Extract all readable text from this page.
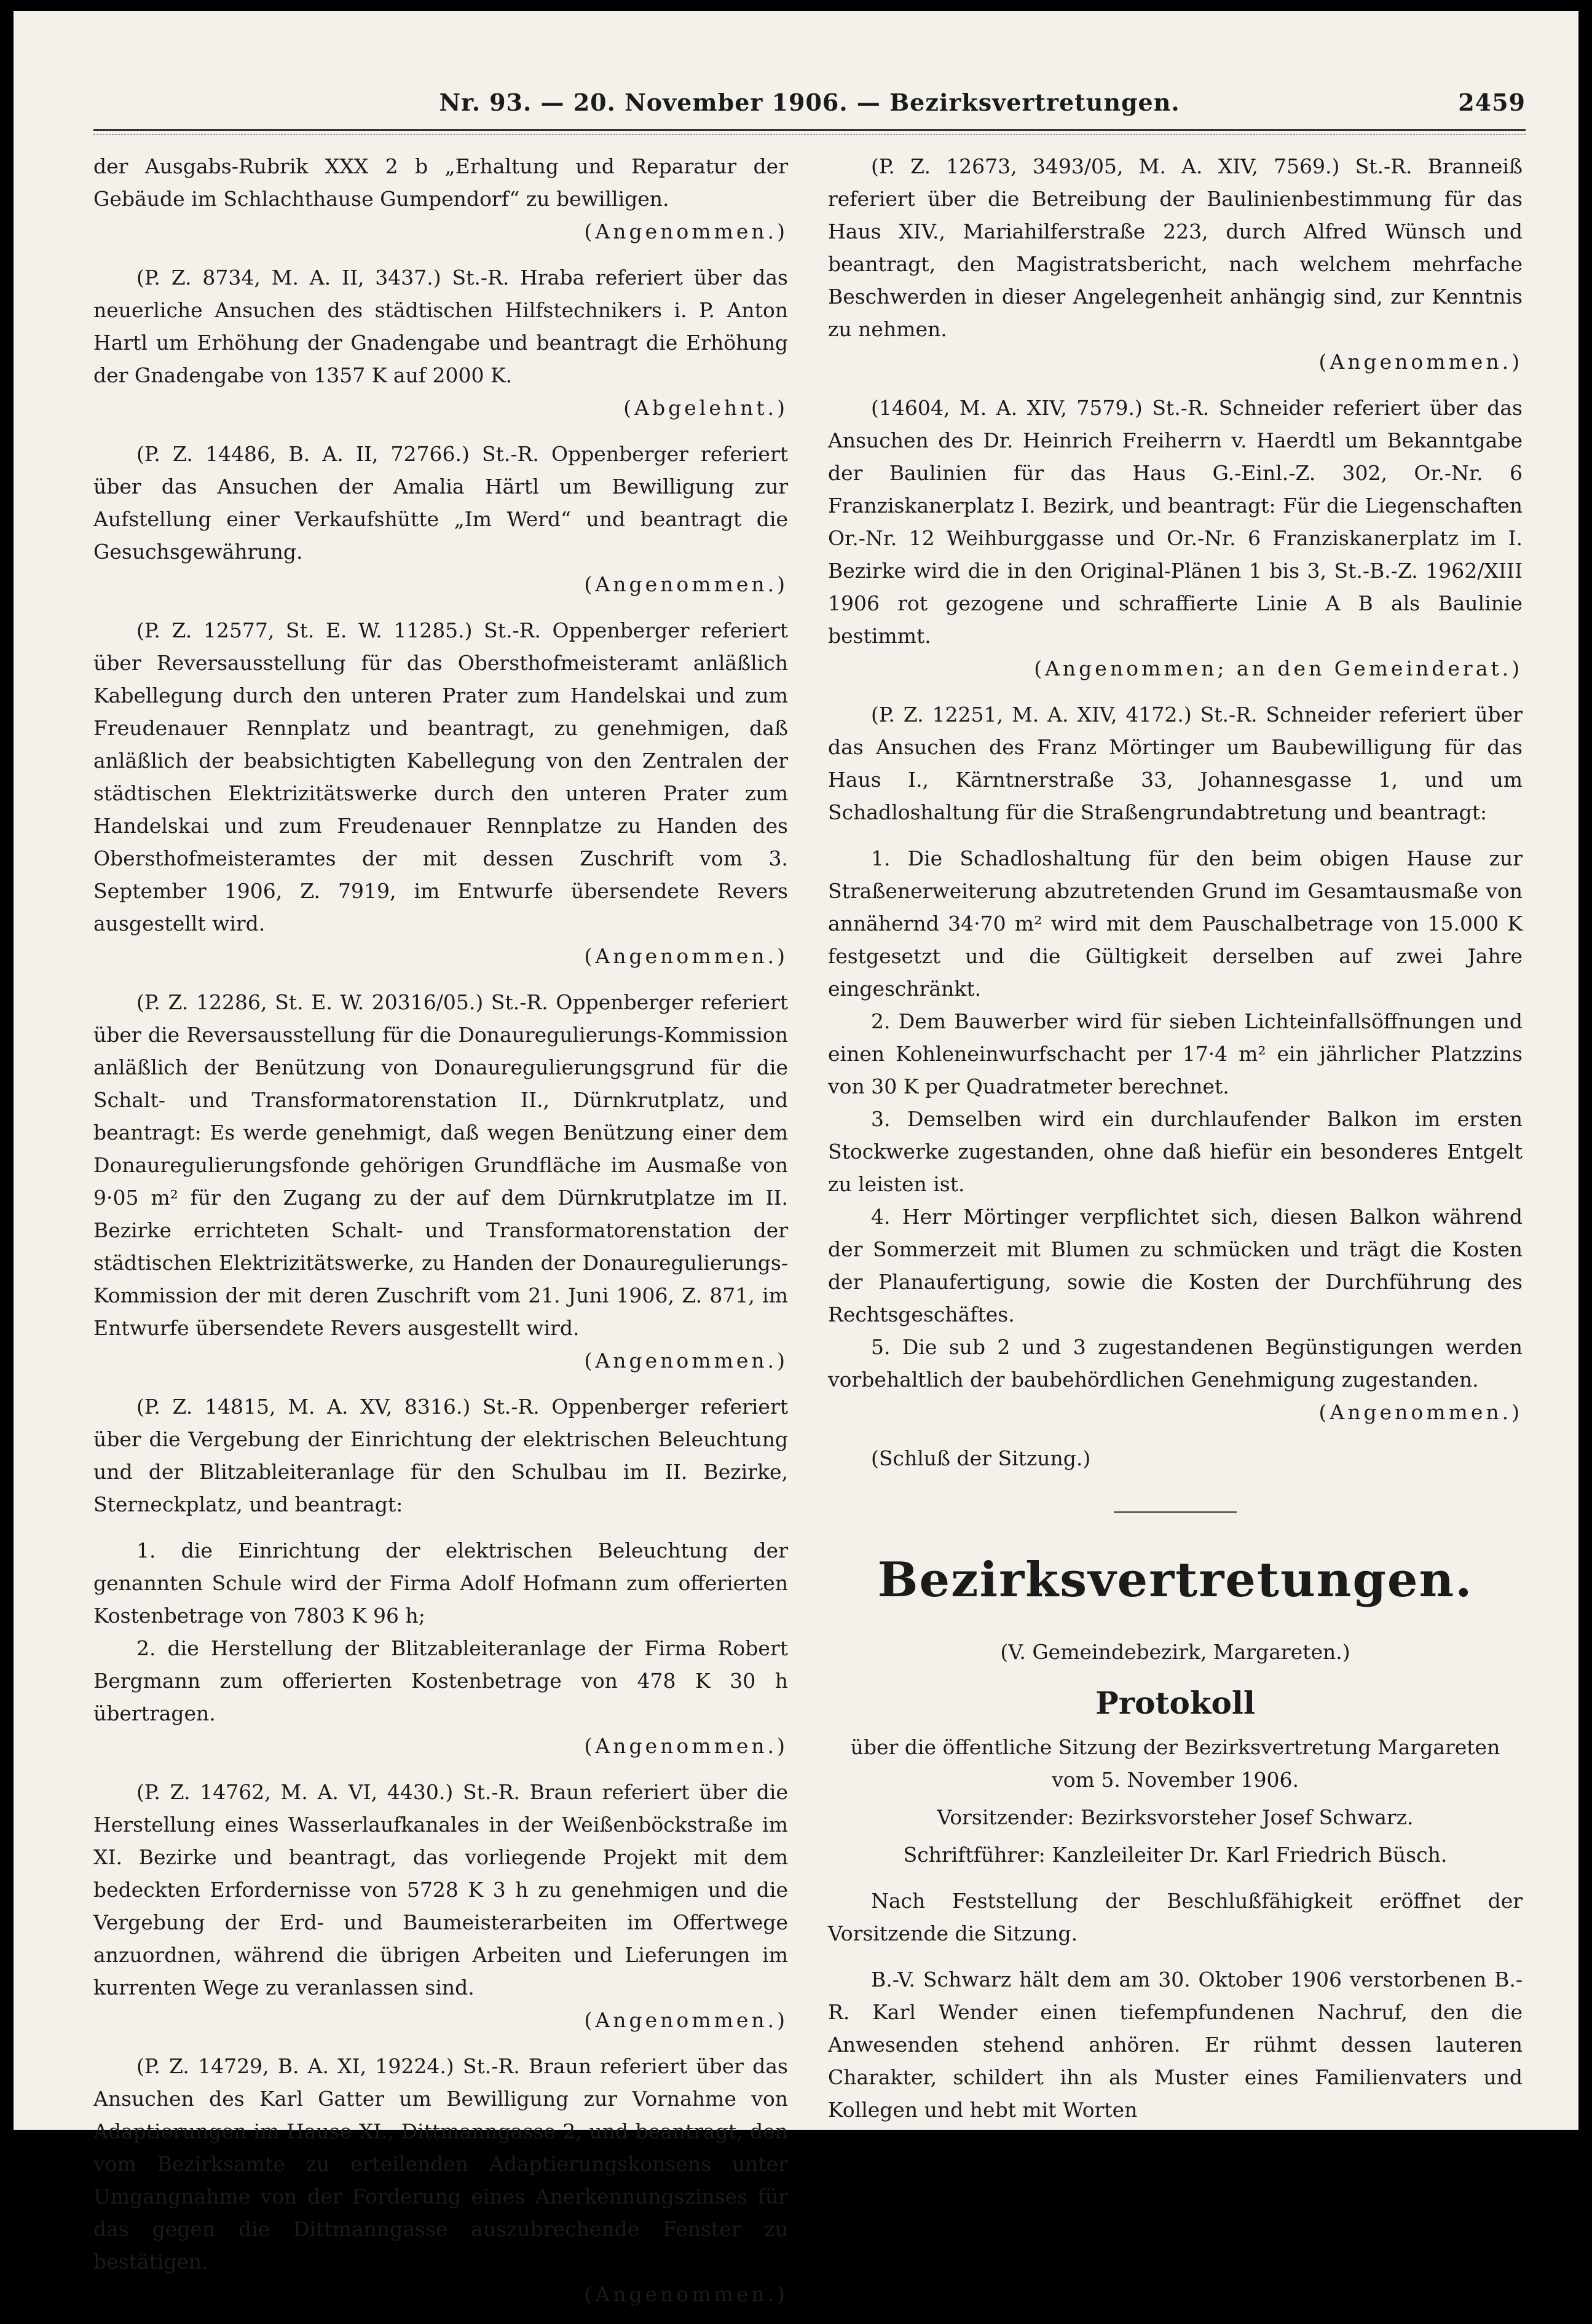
Nr. 93. — 20. November 1906. — Bezirksvertretungen.	2459

der Ausgabs-Rubrik XXX 2 b „Erhaltung und Reparatur der Gebäude im Schlachthause Gumpendorf“ zu bewilligen.
(Angenommen.)

(P. Z. 8734, M. A. II, 3437.) St.-R. Hraba referiert über das neuerliche Ansuchen des städtischen Hilfstechnikers i. P. Anton Hartl um Erhöhung der Gnadengabe und beantragt die Erhöhung der Gnadengabe von 1357 K auf 2000 K.
(Abgelehnt.)

(P. Z. 14486, B. A. II, 72766.) St.-R. Oppenberger referiert über das Ansuchen der Amalia Härtl um Bewilligung zur Aufstellung einer Verkaufshütte „Im Werd“ und beantragt die Gesuchsgewährung.
(Angenommen.)

(P. Z. 12577, St. E. W. 11285.) St.-R. Oppenberger referiert über Reversausstellung für das Obersthofmeisteramt anläßlich Kabellegung durch den unteren Prater zum Handelskai und zum Freudenauer Rennplatz und beantragt, zu genehmigen, daß anläßlich der beabsichtigten Kabellegung von den Zentralen der städtischen Elektrizitätswerke durch den unteren Prater zum Handelskai und zum Freudenauer Rennplatze zu Handen des Obersthofmeisteramtes der mit dessen Zuschrift vom 3. September 1906, Z. 7919, im Entwurfe übersendete Revers ausgestellt wird.
(Angenommen.)

(P. Z. 12286, St. E. W. 20316/05.) St.-R. Oppenberger referiert über die Reversausstellung für die Donauregulierungs-Kommission anläßlich der Benützung von Donauregulierungsgrund für die Schalt- und Transformatorenstation II., Dürnkrutplatz, und beantragt: Es werde genehmigt, daß wegen Benützung einer dem Donauregulierungsfonde gehörigen Grundfläche im Ausmaße von 9·05 m² für den Zugang zu der auf dem Dürnkrutplatze im II. Bezirke errichteten Schalt- und Transformatorenstation der städtischen Elektrizitätswerke, zu Handen der Donauregulierungs-Kommission der mit deren Zuschrift vom 21. Juni 1906, Z. 871, im Entwurfe übersendete Revers ausgestellt wird.
(Angenommen.)

(P. Z. 14815, M. A. XV, 8316.) St.-R. Oppenberger referiert über die Vergebung der Einrichtung der elektrischen Beleuchtung und der Blitzableiteranlage für den Schulbau im II. Bezirke, Sterneckplatz, und beantragt:

1. die Einrichtung der elektrischen Beleuchtung der genannten Schule wird der Firma Adolf Hofmann zum offerierten Kostenbetrage von 7803 K 96 h;

2. die Herstellung der Blitzableiteranlage der Firma Robert Bergmann zum offerierten Kostenbetrage von 478 K 30 h übertragen.
(Angenommen.)

(P. Z. 14762, M. A. VI, 4430.) St.-R. Braun referiert über die Herstellung eines Wasserlaufkanales in der Weißenböckstraße im XI. Bezirke und beantragt, das vorliegende Projekt mit dem bedeckten Erfordernisse von 5728 K 3 h zu genehmigen und die Vergebung der Erd- und Baumeisterarbeiten im Offertwege anzuordnen, während die übrigen Arbeiten und Lieferungen im kurrenten Wege zu veranlassen sind.
(Angenommen.)

(P. Z. 14729, B. A. XI, 19224.) St.-R. Braun referiert über das Ansuchen des Karl Gatter um Bewilligung zur Vornahme von Adaptierungen im Hause XI., Dittmanngasse 2, und beantragt, den vom Bezirksamte zu erteilenden Adaptierungskonsens unter Umgangnahme von der Forderung eines Anerkennungszinses für das gegen die Dittmanngasse auszubrechende Fenster zu bestätigen.
(Angenommen.)

(P. Z. 12673, 3493/05, M. A. XIV, 7569.) St.-R. Branneiß referiert über die Betreibung der Baulinienbestimmung für das Haus XIV., Mariahilferstraße 223, durch Alfred Wünsch und beantragt, den Magistratsbericht, nach welchem mehrfache Beschwerden in dieser Angelegenheit anhängig sind, zur Kenntnis zu nehmen.
(Angenommen.)

(14604, M. A. XIV, 7579.) St.-R. Schneider referiert über das Ansuchen des Dr. Heinrich Freiherrn v. Haerdtl um Bekanntgabe der Baulinien für das Haus G.-Einl.-Z. 302, Or.-Nr. 6 Franziskanerplatz I. Bezirk, und beantragt: Für die Liegenschaften Or.-Nr. 12 Weihburggasse und Or.-Nr. 6 Franziskanerplatz im I. Bezirke wird die in den Original-Plänen 1 bis 3, St.-B.-Z. 1962/XIII 1906 rot gezogene und schraffierte Linie A B als Baulinie bestimmt.
(Angenommen; an den Gemeinderat.)

(P. Z. 12251, M. A. XIV, 4172.) St.-R. Schneider referiert über das Ansuchen des Franz Mörtinger um Baubewilligung für das Haus I., Kärntnerstraße 33, Johannesgasse 1, und um Schadloshaltung für die Straßengrundabtretung und beantragt:

1. Die Schadloshaltung für den beim obigen Hause zur Straßenerweiterung abzutretenden Grund im Gesamtausmaße von annähernd 34·70 m² wird mit dem Pauschalbetrage von 15.000 K festgesetzt und die Gültigkeit derselben auf zwei Jahre eingeschränkt.

2. Dem Bauwerber wird für sieben Lichteinfallsöffnungen und einen Kohleneinwurfschacht per 17·4 m² ein jährlicher Platzzins von 30 K per Quadratmeter berechnet.

3. Demselben wird ein durchlaufender Balkon im ersten Stockwerke zugestanden, ohne daß hiefür ein besonderes Entgelt zu leisten ist.

4. Herr Mörtinger verpflichtet sich, diesen Balkon während der Sommerzeit mit Blumen zu schmücken und trägt die Kosten der Planaufertigung, sowie die Kosten der Durchführung des Rechtsgeschäftes.

5. Die sub 2 und 3 zugestandenen Begünstigungen werden vorbehaltlich der baubehördlichen Genehmigung zugestanden.
(Angenommen.)

(Schluß der Sitzung.)

Bezirksvertretungen.

(V. Gemeindebezirk, Margareten.)

Protokoll

über die öffentliche Sitzung der Bezirksvertretung Margareten vom 5. November 1906.

Vorsitzender: Bezirksvorsteher Josef Schwarz.

Schriftführer: Kanzleileiter Dr. Karl Friedrich Büsch.

Nach Feststellung der Beschlußfähigkeit eröffnet der Vorsitzende die Sitzung.

B.-V. Schwarz hält dem am 30. Oktober 1906 verstorbenen B.-R. Karl Wender einen tiefempfundenen Nachruf, den die Anwesenden stehend anhören. Er rühmt dessen lauteren Charakter, schildert ihn als Muster eines Familienvaters und Kollegen und hebt mit Worten
